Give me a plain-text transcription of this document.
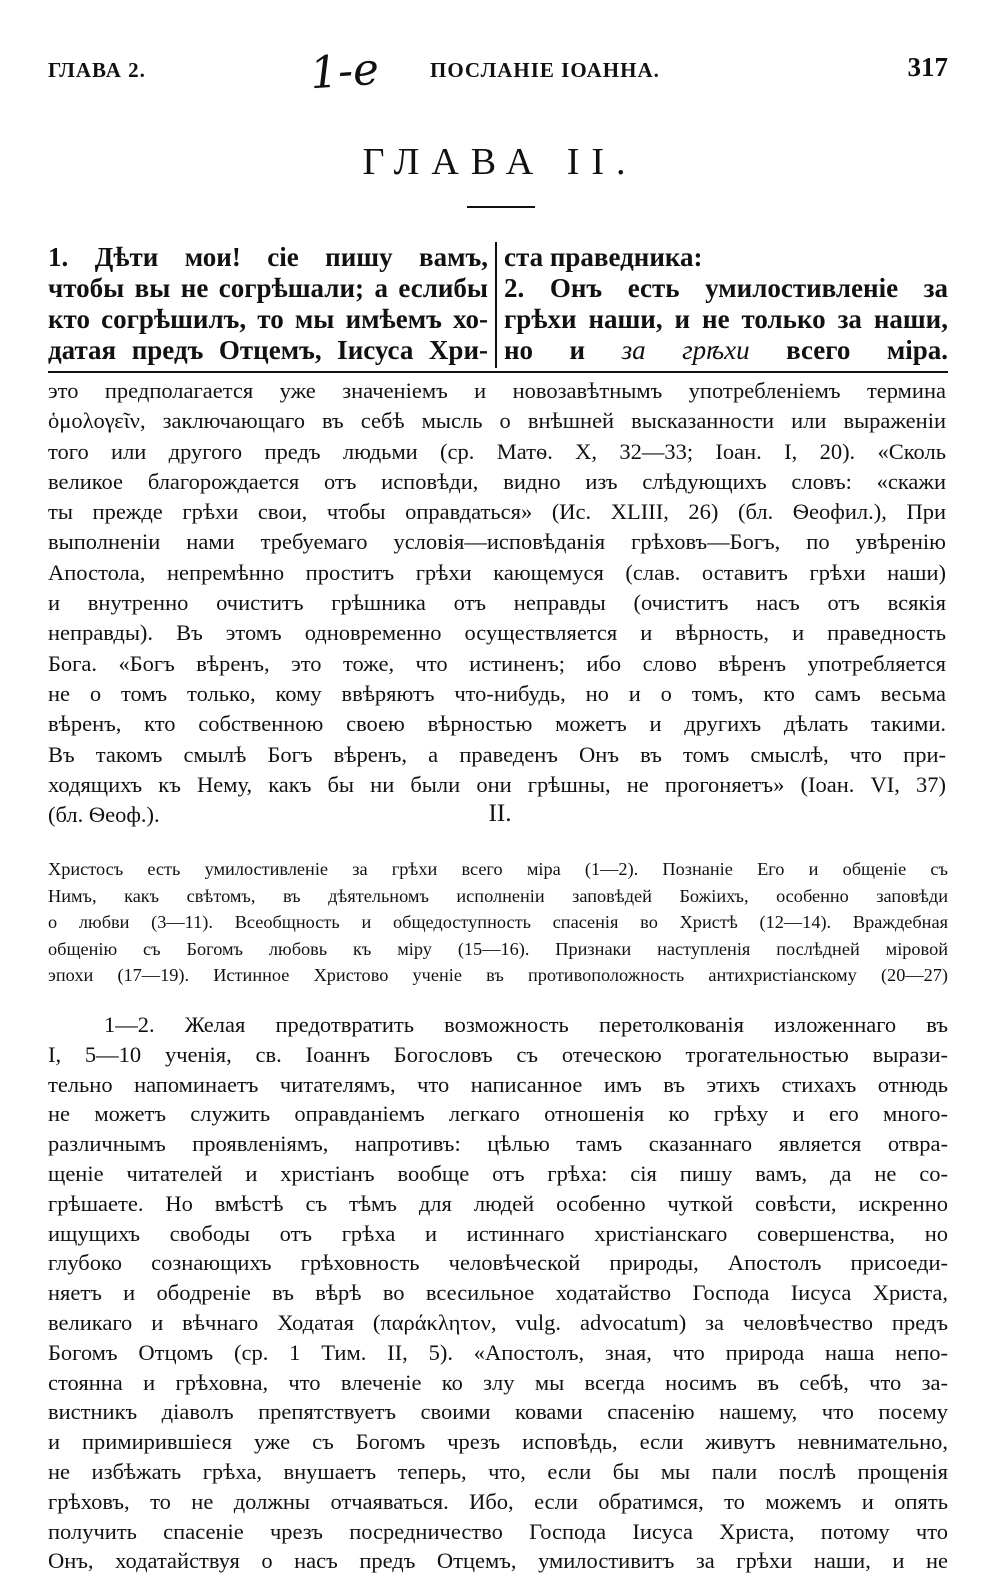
ГЛАВА 2.	1-е ПОСЛАНІЕ ІОАННА.	317
ГЛАВА II.
1. Дѣти мои! сіе пишу вамъ,
чтобы вы не согрѣшали; а еслибы
кто согрѣшилъ, то мы имѣемъ хо-
датая предъ Отцемъ, Іисуса Хри-
ста праведника:
2. Онъ есть умилостивленіе за
грѣхи наши, и не только за наши,
но и за грѣхи всего міра.
это предполагается уже значеніемъ и новозавѣтнымъ употребленіемъ термина
ὁμολογεῖν, заключающаго въ себѣ мысль о внѣшней высказанности или выраженіи
того или другого предъ людьми (ср. Матѳ. X, 32—33; Іоан. I, 20). «Сколь
великое благорождается отъ исповѣди, видно изъ слѣдующихъ словъ: «скажи
ты прежде грѣхи свои, чтобы оправдаться» (Ис. XLIII, 26) (бл. Ѳеофил.), При
выполненіи нами требуемаго условія—исповѣданія грѣховъ—Богъ, по увѣренію
Апостола, непремѣнно проститъ грѣхи кающемуся (слав. оставитъ грѣхи наши)
и внутренно очиститъ грѣшника отъ неправды (очиститъ насъ отъ всякія
неправды). Въ этомъ одновременно осуществляется и вѣрность, и праведность
Бога. «Богъ вѣренъ, это тоже, что истиненъ; ибо слово вѣренъ употребляется
не о томъ только, кому ввѣряютъ что-нибудь, но и о томъ, кто самъ весьма
вѣренъ, кто собственною своею вѣрностью можетъ и другихъ дѣлать такими.
Въ такомъ смылѣ Богъ вѣренъ, а праведенъ Онъ въ томъ смыслѣ, что при-
ходящихъ къ Нему, какъ бы ни были они грѣшны, не прогоняетъ» (Іоан. VI, 37)
(бл. Ѳеоф.).	II.
Христосъ есть умилостивленіе за грѣхи всего міра (1—2). Познаніе Его и общеніе съ
Нимъ, какъ свѣтомъ, въ дѣятельномъ исполненіи заповѣдей Божіихъ, особенно заповѣди
о любви (3—11). Всеобщность и общедоступность спасенія во Христѣ (12—14). Враждебная
общенію съ Богомъ любовь къ міру (15—16). Признаки наступленія послѣдней міровой
эпохи (17—19). Истинное Христово ученіе въ противоположность антихристіанскому (20—27)
1—2. Желая предотвратить возможность перетолкованія изложеннаго въ
I, 5—10 ученія, св. Іоаннъ Богословъ съ отеческою трогательностью вырази-
тельно напоминаетъ читателямъ, что написанное имъ въ этихъ стихахъ отнюдь
не можетъ служить оправданіемъ легкаго отношенія ко грѣху и его много-
различнымъ проявленіямъ, напротивъ: цѣлью тамъ сказаннаго является отвра-
щеніе читателей и христіанъ вообще отъ грѣха: сія пишу вамъ, да не со-
грѣшаете. Но вмѣстѣ съ тѣмъ для людей особенно чуткой совѣсти, искренно
ищущихъ свободы отъ грѣха и истиннаго христіанскаго совершенства, но
глубоко сознающихъ грѣховность человѣческой природы, Апостолъ присоеди-
няетъ и ободреніе въ вѣрѣ во всесильное ходатайство Господа Іисуса Христа,
великаго и вѣчнаго Ходатая (παράκλητον, vulg. advocatum) за человѣчество предъ
Богомъ Отцомъ (ср. 1 Тим. II, 5). «Апостолъ, зная, что природа наша непо-
стоянна и грѣховна, что влеченіе ко злу мы всегда носимъ въ себѣ, что за-
вистникъ діаволъ препятствуетъ своими ковами спасенію нашему, что посему
и примирившіеся уже съ Богомъ чрезъ исповѣдь, если живутъ невнимательно,
не избѣжать грѣха, внушаетъ теперь, что, если бы мы пали послѣ прощенія
грѣховъ, то не должны отчаяваться. Ибо, если обратимся, то можемъ и опять
получить спасеніе чрезъ посредничество Господа Іисуса Христа, потому что
Онъ, ходатайствуя о насъ предъ Отцемъ, умилостивитъ за грѣхи наши, и не
